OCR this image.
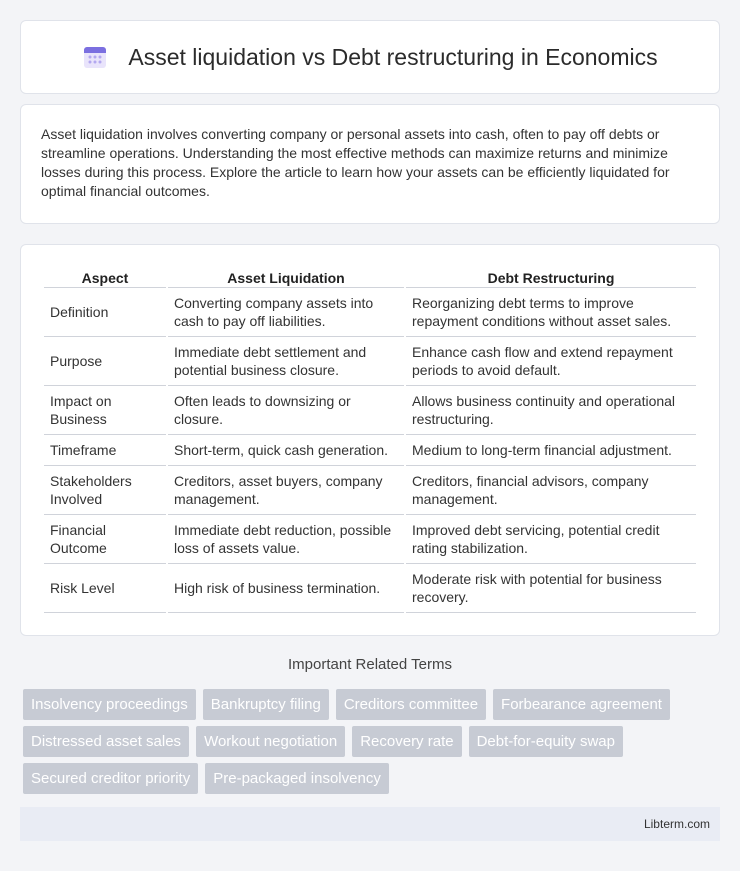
Asset liquidation vs Debt restructuring in Economics

Asset liquidation involves converting company or personal assets into cash, often to pay off debts or streamline operations. Understanding the most effective methods can maximize returns and minimize losses during this process. Explore the article to learn how your assets can be efficiently liquidated for optimal financial outcomes.

Aspect	Asset Liquidation	Debt Restructuring
Definition	Converting company assets into cash to pay off liabilities.	Reorganizing debt terms to improve repayment conditions without asset sales.
Purpose	Immediate debt settlement and potential business closure.	Enhance cash flow and extend repayment periods to avoid default.
Impact on Business	Often leads to downsizing or closure.	Allows business continuity and operational restructuring.
Timeframe	Short-term, quick cash generation.	Medium to long-term financial adjustment.
Stakeholders Involved	Creditors, asset buyers, company management.	Creditors, financial advisors, company management.
Financial Outcome	Immediate debt reduction, possible loss of assets value.	Improved debt servicing, potential credit rating stabilization.
Risk Level	High risk of business termination.	Moderate risk with potential for business recovery.
Important Related Terms
Insolvency proceedings	Bankruptcy filing	Creditors committee	Forbearance agreement
Distressed asset sales	Workout negotiation	Recovery rate	Debt-for-equity swap
Secured creditor priority	Pre-packaged insolvency
Libterm.com
